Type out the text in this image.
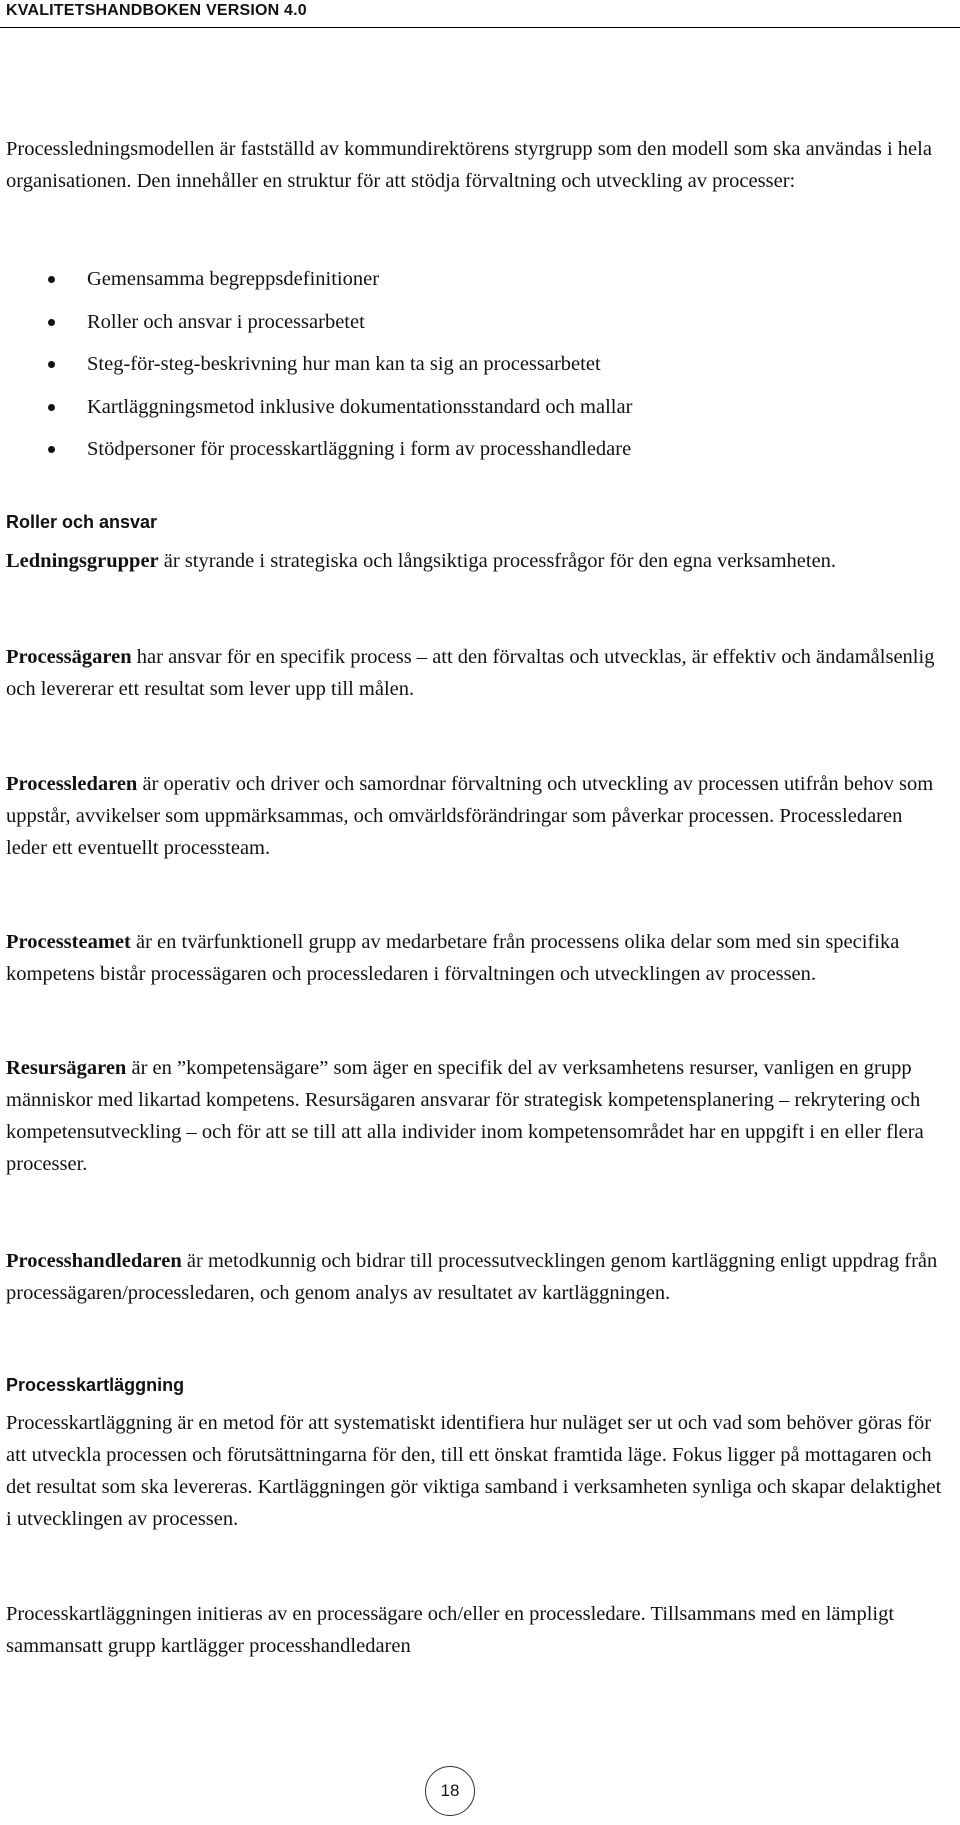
KVALITETSHANDBOKEN VERSION 4.0

Processledningsmodellen är fastställd av kommundirektörens styrgrupp som den modell som ska användas i hela organisationen. Den innehåller en struktur för att stödja förvaltning och utveckling av processer:

Gemensamma begreppsdefinitioner
Roller och ansvar i processarbetet
Steg-för-steg-beskrivning hur man kan ta sig an processarbetet
Kartläggningsmetod inklusive dokumentationsstandard och mallar
Stödpersoner för processkartläggning i form av processhandledare
Roller och ansvar

Ledningsgrupper är styrande i strategiska och långsiktiga processfrågor för den egna verksamheten.

Processägaren har ansvar för en specifik process – att den förvaltas och utvecklas, är effektiv och ändamålsenlig och levererar ett resultat som lever upp till målen.

Processledaren är operativ och driver och samordnar förvaltning och utveckling av processen utifrån behov som uppstår, avvikelser som uppmärksammas, och omvärldsförändringar som påverkar processen. Processledaren leder ett eventuellt processteam.

Processteamet är en tvärfunktionell grupp av medarbetare från processens olika delar som med sin specifika kompetens bistår processägaren och processledaren i förvaltningen och utvecklingen av processen.

Resursägaren är en ”kompetensägare” som äger en specifik del av verksamhetens resurser, vanligen en grupp människor med likartad kompetens. Resursägaren ansvarar för strategisk kompetensplanering – rekrytering och kompetensutveckling – och för att se till att alla individer inom kompetensområdet har en uppgift i en eller flera processer.

Processhandledaren är metodkunnig och bidrar till processutvecklingen genom kartläggning enligt uppdrag från processägaren/processledaren, och genom analys av resultatet av kartläggningen.

Processkartläggning

Processkartläggning är en metod för att systematiskt identifiera hur nuläget ser ut och vad som behöver göras för att utveckla processen och förutsättningarna för den, till ett önskat framtida läge. Fokus ligger på mottagaren och det resultat som ska levereras. Kartläggningen gör viktiga samband i verksamheten synliga och skapar delaktighet i utvecklingen av processen.

Processkartläggningen initieras av en processägare och/eller en processledare. Tillsammans med en lämpligt sammansatt grupp kartlägger processhandledaren

18
